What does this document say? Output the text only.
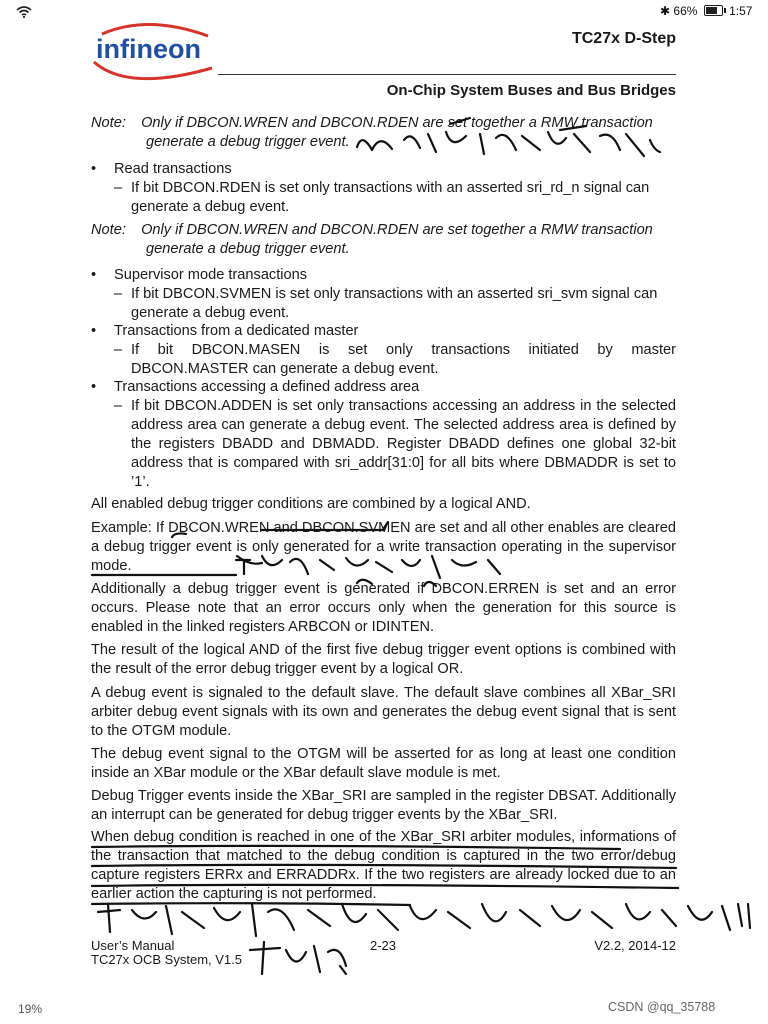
✱ 66%	1:57
infineon	TC27x D-Step
On-Chip System Buses and Bus Bridges
Note: Only if DBCON.WREN and DBCON.RDEN are set together a RMW transaction
generate a debug trigger event.
• Read transactions
– If bit DBCON.RDEN is set only transactions with an asserted sri_rd_n signal can
generate a debug event.
Note: Only if DBCON.WREN and DBCON.RDEN are set together a RMW transaction
generate a debug trigger event.
• Supervisor mode transactions
– If bit DBCON.SVMEN is set only transactions with an asserted sri_svm signal can
generate a debug event.
• Transactions from a dedicated master
– If bit DBCON.MASEN is set only transactions initiated by master
DBCON.MASTER can generate a debug event.
• Transactions accessing a defined address area
– If bit DBCON.ADDEN is set only transactions accessing an address in the selected address area can generate a debug event. The selected address area is defined by the registers DBADD and DBMADD. Register DBADD defines one global 32-bit address that is compared with sri_addr[31:0] for all bits where DBMADDR is set to ’1’.
All enabled debug trigger conditions are combined by a logical AND.
Example: If DBCON.WREN and DBCON.SVMEN are set and all other enables are cleared a debug trigger event is only generated for a write transaction operating in the supervisor mode.
Additionally a debug trigger event is generated if DBCON.ERREN is set and an error occurs. Please note that an error occurs only when the generation for this source is enabled in the linked registers ARBCON or IDINTEN.
The result of the logical AND of the first five debug trigger event options is combined with the result of the error debug trigger event by a logical OR.
A debug event is signaled to the default slave. The default slave combines all XBar_SRI arbiter debug event signals with its own and generates the debug event signal that is sent to the OTGM module.
The debug event signal to the OTGM will be asserted for as long at least one condition inside an XBar module or the XBar default slave module is met.
Debug Trigger events inside the XBar_SRI are sampled in the register DBSAT. Additionally an interrupt can be generated for debug trigger events by the XBar_SRI.
When debug condition is reached in one of the XBar_SRI arbiter modules, informations of the transaction that matched to the debug condition is captured in the two error/debug capture registers ERRx and ERRADDRx. If the two registers are already locked due to an earlier action the capturing is not performed.
User’s Manual
TC27x OCB System, V1.5
2-23	V2.2, 2014-12
19%	CSDN @qq_35788
